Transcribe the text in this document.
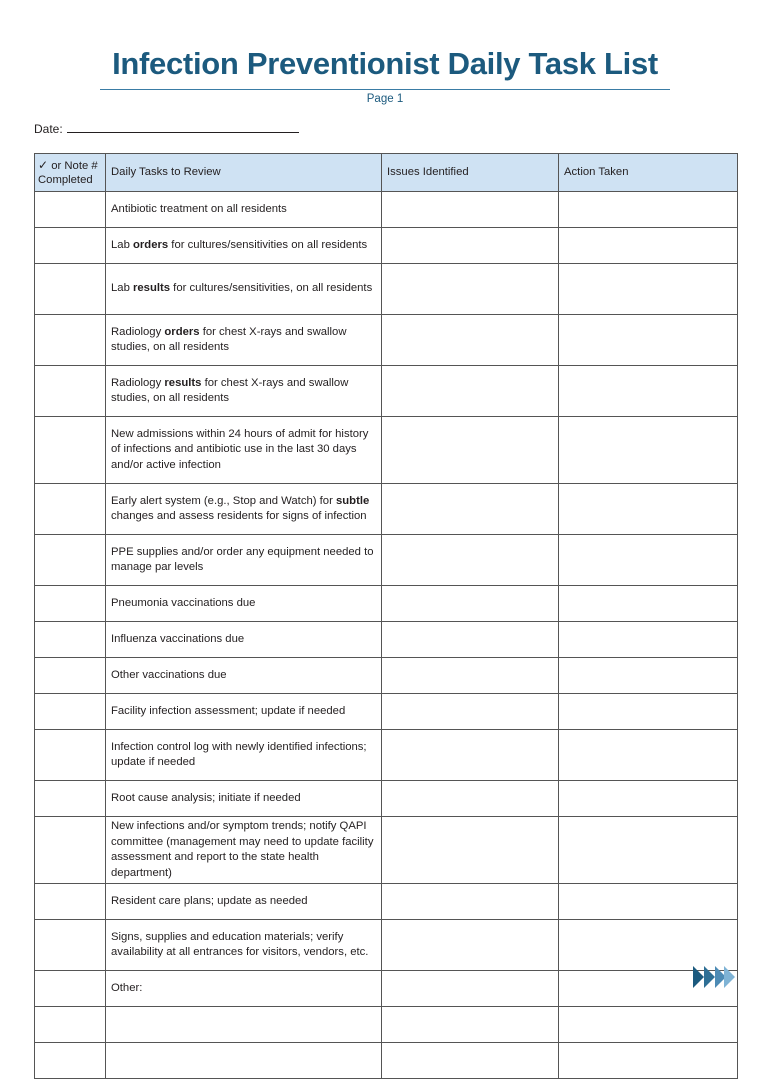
Infection Preventionist Daily Task List
Page 1
Date:
✓ or Note #
Completed	Daily Tasks to Review	Issues Identified	Action Taken
	Antibiotic treatment on all residents		
	Lab orders for cultures/sensitivities on all residents		
	Lab results for cultures/sensitivities, on all residents		
	Radiology orders for chest X-rays and swallow studies, on all residents		
	Radiology results for chest X-rays and swallow studies, on all residents		
	New admissions within 24 hours of admit for history of infections and antibiotic use in the last 30 days and/or active infection		
	Early alert system (e.g., Stop and Watch) for subtle changes and assess residents for signs of infection		
	PPE supplies and/or order any equipment needed to manage par levels		
	Pneumonia vaccinations due		
	Influenza vaccinations due		
	Other vaccinations due		
	Facility infection assessment; update if needed		
	Infection control log with newly identified infections; update if needed		
	Root cause analysis; initiate if needed		
	New infections and/or symptom trends; notify QAPI committee (management may need to update facility assessment and report to the state health department)		
	Resident care plans; update as needed		
	Signs, supplies and education materials; verify availability at all entrances for visitors, vendors, etc.		
	Other:		
